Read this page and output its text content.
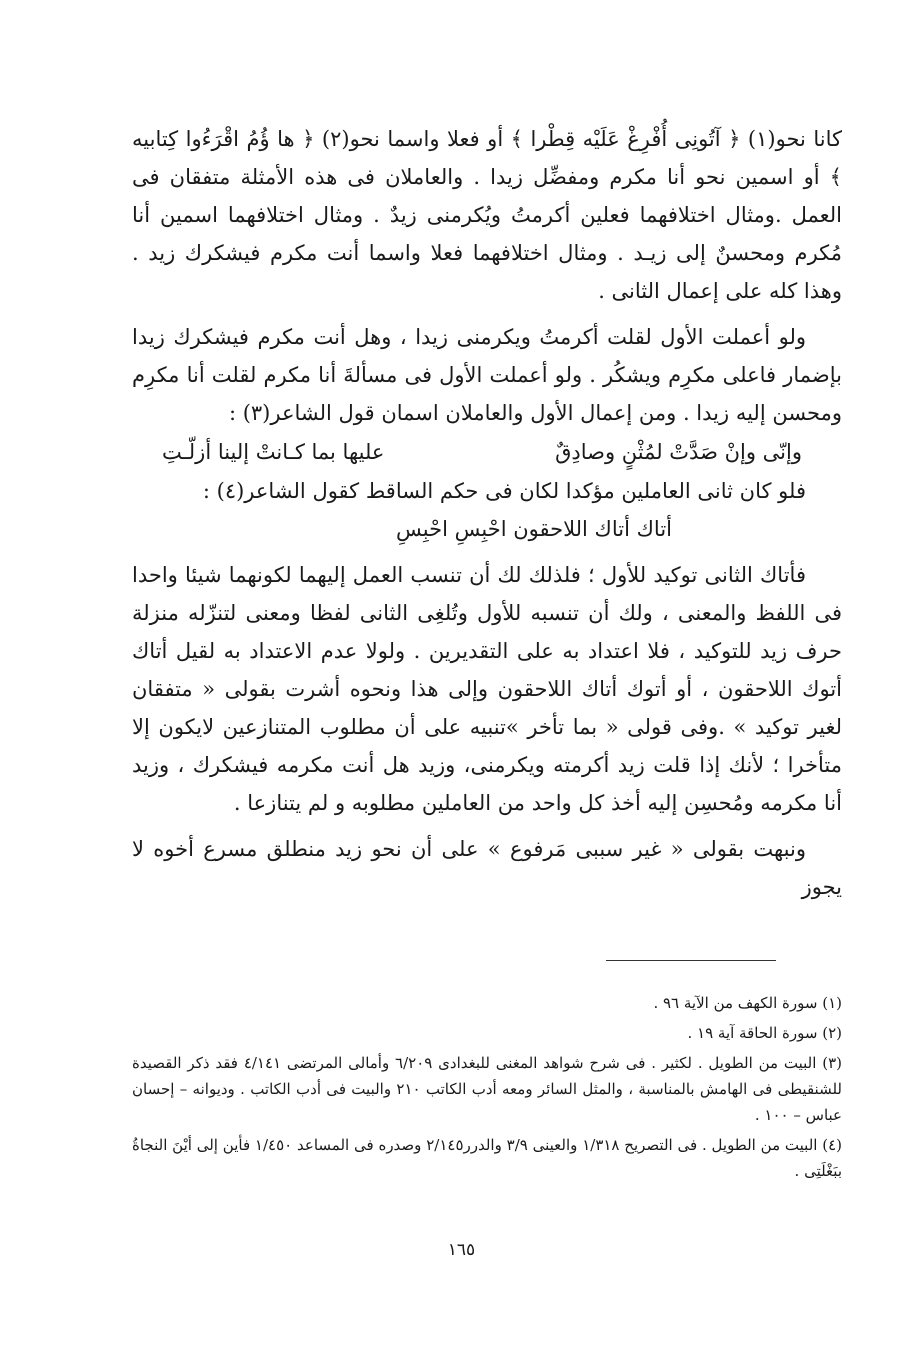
كانا نحو(١) ﴿ آتُونِى أُفْرِغْ عَلَيْه قِطْرا ﴾ أو فعلا واسما نحو(٢) ﴿ ها ؤُمُ اقْرَءُوا كِتابيه ﴾ أو اسمين نحو أنا مكرم ومفضِّل زيدا . والعاملان فى هذه الأمثلة متفقان فى العمل .ومثال اختلافهما فعلين أكرمتُ ويُكرمنى زيدٌ . ومثال اختلافهما اسمين أنا مُكرم ومحسنٌ إلى زيـد . ومثال اختلافهما فعلا واسما أنت مكرم فيشكرك زيد . وهذا كله على إعمال الثانى .

ولو أعملت الأول لقلت أكرمتُ ويكرمنى زيدا ، وهل أنت مكرم فيشكرك زيدا بإضمار فاعلى مكرِم ويشكُر . ولو أعملت الأول فى مسألةَ أنا مكرم لقلت أنا مكرِم ومحسن إليه زيدا . ومن إعمال الأول والعاملان اسمان قول الشاعر(٣) :

وإنّى وإنْ صَدَّتْ لمُثْنٍ وصادِقٌ
عليها بما كـانتْ إلينا أزلّـتِ

فلو كان ثانى العاملين مؤكدا لكان فى حكم الساقط كقول الشاعر(٤) :

أتاك أتاك اللاحقون احْبِسِ احْبِسِ

فأتاك الثانى توكيد للأول ؛ فلذلك لك أن تنسب العمل إليهما لكونهما شيئا واحدا فى اللفظ والمعنى ، ولك أن تنسبه للأول وتُلغِى الثانى لفظا ومعنى لتنزّله منزلة حرف زيد للتوكيد ، فلا اعتداد به على التقديرين . ولولا عدم الاعتداد به لقيل أتاك أتوك اللاحقون ، أو أتوك أتاك اللاحقون وإلى هذا ونحوه أشرت بقولى « متفقان لغير توكيد » .وفى قولى « بما تأخر »تنبيه على أن مطلوب المتنازعين لايكون إلا متأخرا ؛ لأنك إذا قلت زيد أكرمته ويكرمنى، وزيد هل أنت مكرمه فيشكرك ، وزيد أنا مكرمه ومُحسِن إليه أخذ كل واحد من العاملين مطلوبه و لم يتنازعا .

ونبهت بقولى « غير سببى مَرفوع » على أن نحو زيد منطلق مسرع أخوه لا يجوز

(١) سورة الكهف من الآية ٩٦ .

(٢) سورة الحاقة آية ١٩ .

(٣) البيت من الطويل . لكثير . فى شرح شواهد المغنى للبغدادى ٦/٢٠٩ وأمالى المرتضى ٤/١٤١ فقد ذكر القصيدة للشنقيطى فى الهامش بالمناسبة ، والمثل السائر ومعه أدب الكاتب ٢١٠ والبيت فى أدب الكاتب . وديوانه – إحسان عباس – ١٠٠ .

(٤) البيت من الطويل . فى التصريح ١/٣١٨ والعينى ٣/٩ والدرر٢/١٤٥ وصدره فى المساعد ١/٤٥٠ فأين إلى أيْنَ النجاةُ ببَغْلَتِى .

١٦٥
